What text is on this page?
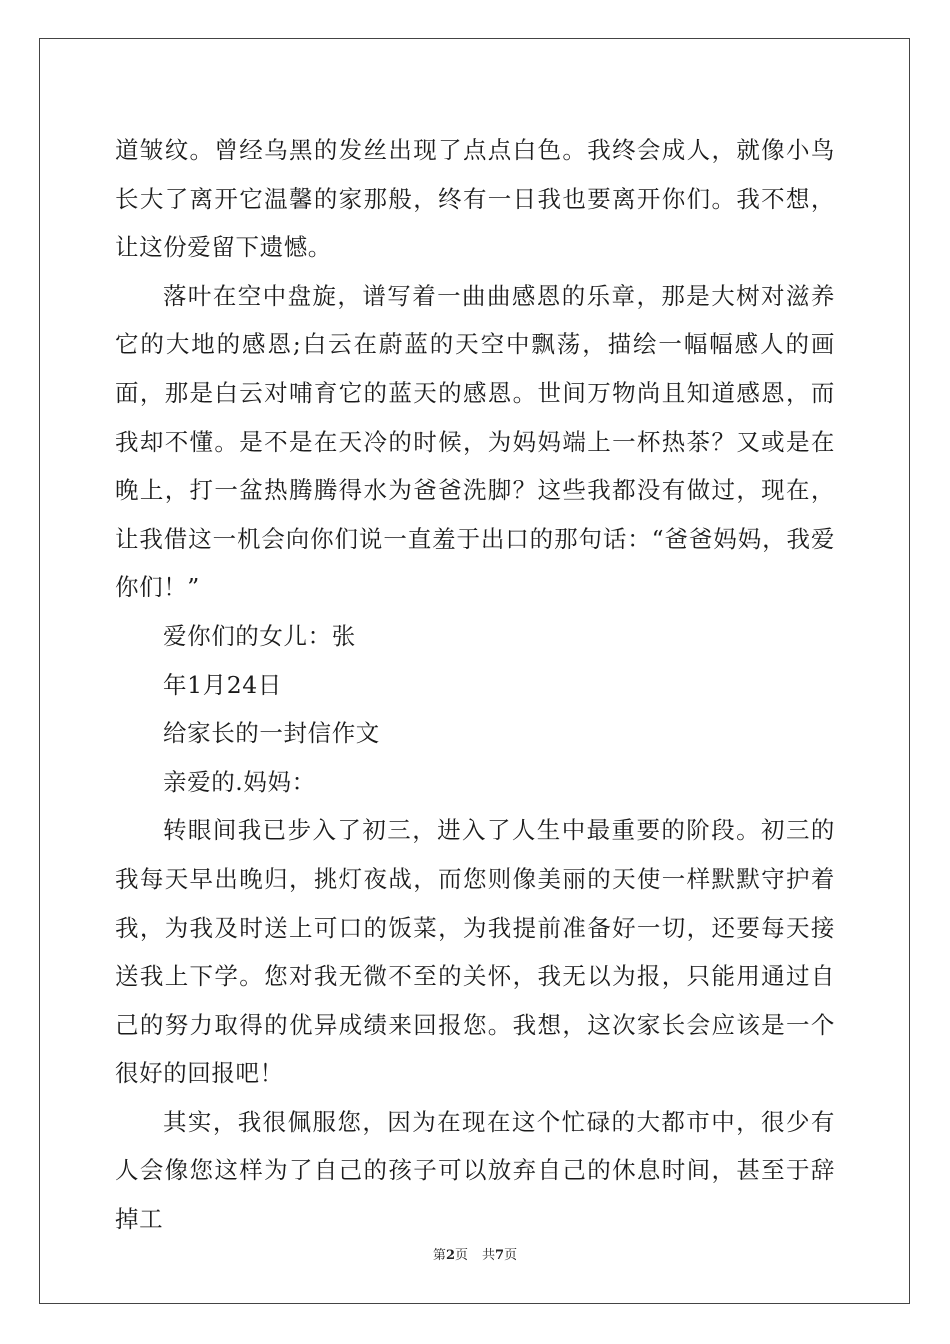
道皱纹。曾经乌黑的发丝出现了点点白色。我终会成人，就像小鸟长大了离开它温馨的家那般，终有一日我也要离开你们。我不想，让这份爱留下遗憾。

落叶在空中盘旋，谱写着一曲曲感恩的乐章，那是大树对滋养它的大地的感恩;白云在蔚蓝的天空中飘荡，描绘一幅幅感人的画面，那是白云对哺育它的蓝天的感恩。世间万物尚且知道感恩，而我却不懂。是不是在天冷的时候，为妈妈端上一杯热茶？又或是在晚上，打一盆热腾腾得水为爸爸洗脚？这些我都没有做过，现在，让我借这一机会向你们说一直羞于出口的那句话：“爸爸妈妈，我爱你们！”

爱你们的女儿：张

年1月24日

给家长的一封信作文

亲爱的.妈妈：

转眼间我已步入了初三，进入了人生中最重要的阶段。初三的我每天早出晚归，挑灯夜战，而您则像美丽的天使一样默默守护着我，为我及时送上可口的饭菜，为我提前准备好一切，还要每天接送我上下学。您对我无微不至的关怀，我无以为报，只能用通过自己的努力取得的优异成绩来回报您。我想，这次家长会应该是一个很好的回报吧！

其实，我很佩服您，因为在现在这个忙碌的大都市中，很少有人会像您这样为了自己的孩子可以放弃自己的休息时间，甚至于辞掉工

第2页 共7页
